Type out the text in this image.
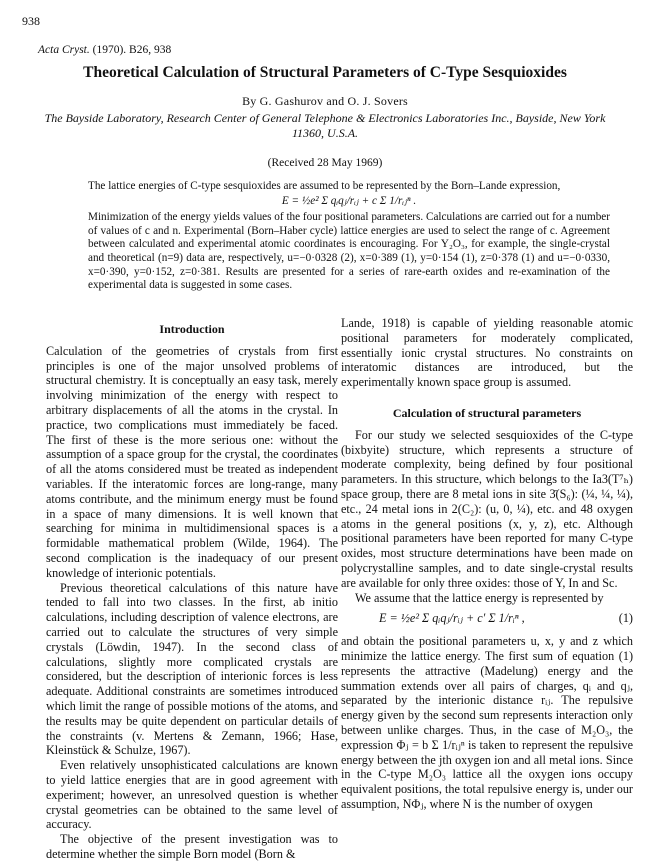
938
Acta Cryst. (1970). B26, 938
Theoretical Calculation of Structural Parameters of C-Type Sesquioxides
By G. Gashurov and O. J. Sovers
The Bayside Laboratory, Research Center of General Telephone & Electronics Laboratories Inc., Bayside, New York 11360, U.S.A.
(Received 28 May 1969)

The lattice energies of C-type sesquioxides are assumed to be represented by the Born–Lande expression,

E = ½e² Σ qᵢqⱼ/rᵢⱼ + c Σ 1/rᵢⱼⁿ .

Minimization of the energy yields values of the four positional parameters. Calculations are carried out for a number of values of c and n. Experimental (Born–Haber cycle) lattice energies are used to select the range of c. Agreement between calculated and experimental atomic coordinates is encouraging. For Y₂O₃, for example, the single-crystal and theoretical (n=9) data are, respectively, u=−0·0328 (2), x=0·389 (1), y=0·154 (1), z=0·378 (1) and u=−0·0330, x=0·390, y=0·152, z=0·381. Results are presented for a series of rare-earth oxides and re-examination of the experimental data is suggested in some cases.

Introduction

Calculation of the geometries of crystals from first principles is one of the major unsolved problems of structural chemistry. It is conceptually an easy task, merely involving minimization of the energy with respect to arbitrary displacements of all the atoms in the crystal. In practice, two complications must immediately be faced. The first of these is the more serious one: without the assumption of a space group for the crystal, the coordinates of all the atoms considered must be treated as independent variables. If the interatomic forces are long-range, many atoms contribute, and the minimum energy must be found in a space of many dimensions. It is well known that searching for minima in multidimensional spaces is a formidable mathematical problem (Wilde, 1964). The second complication is the inadequacy of our present knowledge of interionic potentials.

Previous theoretical calculations of this nature have tended to fall into two classes. In the first, ab initio calculations, including description of valence electrons, are carried out to calculate the structures of very simple crystals (Löwdin, 1947). In the second class of calculations, slightly more complicated crystals are considered, but the description of interionic forces is less adequate. Additional constraints are sometimes introduced which limit the range of possible motions of the atoms, and the results may be quite dependent on particular details of the constraints (v. Mertens & Zemann, 1966; Hase, Kleinstück & Schulze, 1967).

Even relatively unsophisticated calculations are known to yield lattice energies that are in good agreement with experiment; however, an unresolved question is whether crystal geometries can be obtained to the same level of accuracy.

The objective of the present investigation was to determine whether the simple Born model (Born &

Lande, 1918) is capable of yielding reasonable atomic positional parameters for moderately complicated, essentially ionic crystal structures. No constraints on interatomic distances are introduced, but the experimentally known space group is assumed.

Calculation of structural parameters

For our study we selected sesquioxides of the C-type (bixbyite) structure, which represents a structure of moderate complexity, being defined by four positional parameters. In this structure, which belongs to the Ia3(T⁷ₕ) space group, there are 8 metal ions in site 3̄(S₆): (¼, ¼, ¼), etc., 24 metal ions in 2(C₂): (u, 0, ¼), etc. and 48 oxygen atoms in the general positions (x, y, z), etc. Although positional parameters have been reported for many C-type oxides, most structure determinations have been made on polycrystalline samples, and to date single-crystal results are available for only three oxides: those of Y, In and Sc.

We assume that the lattice energy is represented by

E = ½e² Σ qᵢqⱼ/rᵢⱼ + c′ Σ 1/rᵢⁿ ,	(1)

and obtain the positional parameters u, x, y and z which minimize the lattice energy. The first sum of equation (1) represents the attractive (Madelung) energy and the summation extends over all pairs of charges, qᵢ and qⱼ, separated by the interionic distance rᵢⱼ. The repulsive energy given by the second sum represents interaction only between unlike charges. Thus, in the case of M₂O₃, the expression Φⱼ = b Σ 1/rᵢⱼⁿ is taken to represent the repulsive energy between the jth oxygen ion and all metal ions. Since in the C-type M₂O₃ lattice all the oxygen ions occupy equivalent positions, the total repulsive energy is, under our assumption, NΦⱼ, where N is the number of oxygen
